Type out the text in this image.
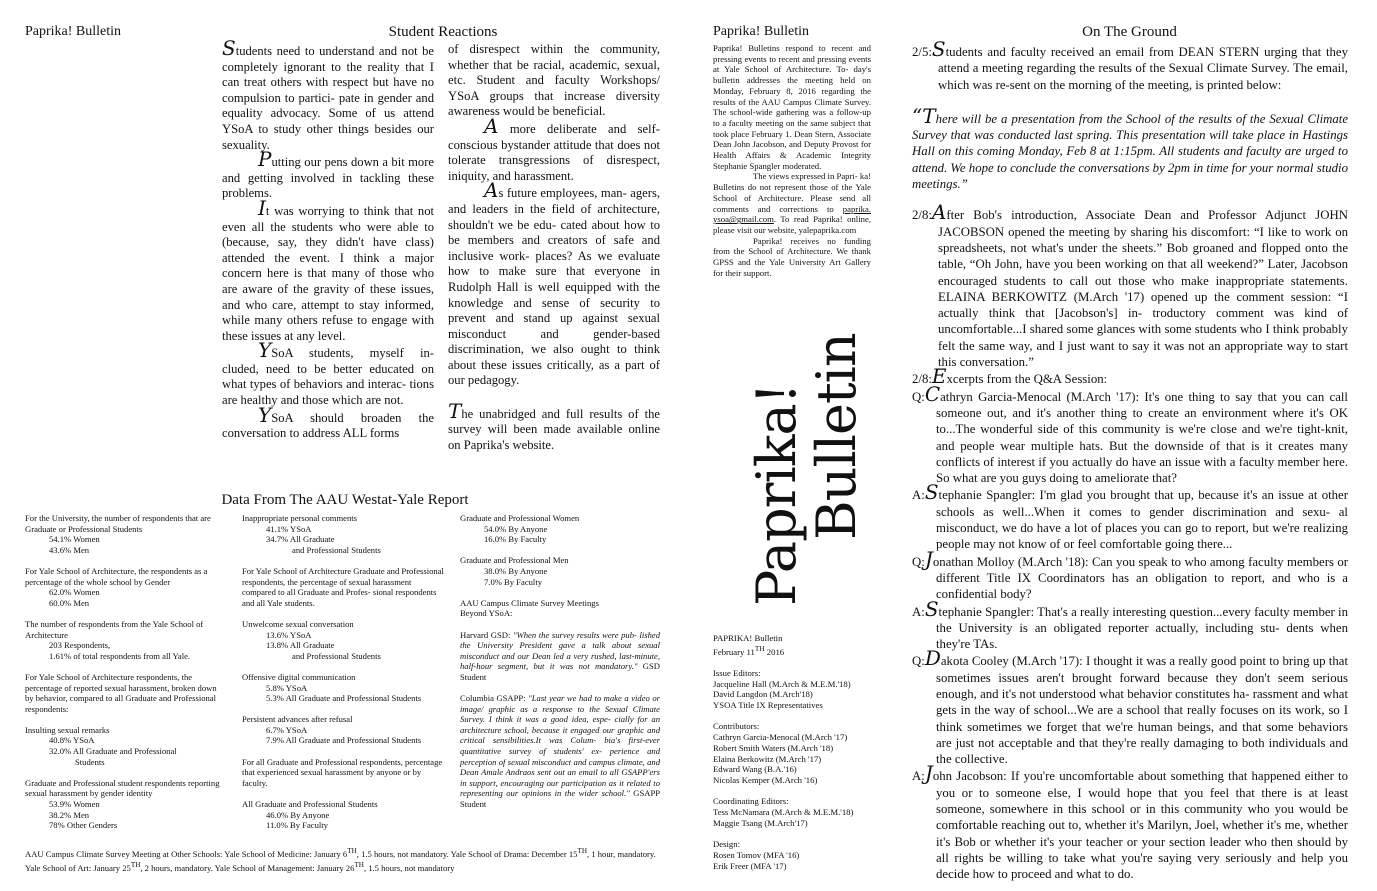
Paprika! Bulletin	Student Reactions

Students need to understand and not be completely ignorant to the reality that I can treat others with respect but have no compulsion to partici- pate in gender and equality advocacy. Some of us attend YSoA to study other things besides our sexuality.

Putting our pens down a bit more and getting involved in tackling these problems.

It was worrying to think that not even all the students who were able to (because, say, they didn't have class) attended the event. I think a major concern here is that many of those who are aware of the gravity of these issues, and who care, attempt to stay informed, while many others refuse to engage with these issues at any level.

YSoA students, myself in- cluded, need to be better educated on what types of behaviors and interac- tions are healthy and those which are not.

YSoA should broaden the conversation to address ALL forms

of disrespect within the community, whether that be racial, academic, sexual, etc. Student and faculty Workshops/ YSoA groups that increase diversity awareness would be beneficial.

A more deliberate and self-conscious bystander attitude that does not tolerate transgressions of disrespect, iniquity, and harassment.

As future employees, man- agers, and leaders in the field of architecture, shouldn't we be edu- cated about how to be members and creators of safe and inclusive work- places? As we evaluate how to make sure that everyone in Rudolph Hall is well equipped with the knowledge and sense of security to prevent and stand up against sexual misconduct and gender-based discrimination, we also ought to think about these issues critically, as a part of our pedagogy.

The unabridged and full results of the survey will been made available online on Paprika's website.

Data From The AAU Westat-Yale Report

For the University, the number of respondents that are Graduate or Professional Students
54.1% Women
43.6% Men

For Yale School of Architecture, the respondents as a percentage of the whole school by Gender
62.0% Women
60.0% Men

The number of respondents from the Yale School of Architecture
203 Respondents,
1.61% of total respondents from all Yale.

For Yale School of Architecture respondents, the percentage of reported sexual harassment, broken down by behavior, compared to all Graduate and Professional respondents:

Insulting sexual remarks
40.8% YSoA
32.0% All Graduate and Professional
Students

Graduate and Professional student respondents reporting sexual harassment by gender identity
53.9% Women
38.2% Men
78% Other Genders

Inappropriate personal comments
41.1% YSoA
34.7% All Graduate
and Professional Students

For Yale School of Architecture Graduate and Professional respondents, the percentage of sexual harassment compared to all Graduate and Profes- sional respondents and all Yale students.

Unwelcome sexual conversation
13.6% YSoA
13.8% All Graduate
and Professional Students

Offensive digital communication
5.8% YSoA
5.3% All Graduate and Professional Students

Persistent advances after refusal
6.7% YSoA
7.9% All Graduate and Professional Students

For all Graduate and Professional respondents, percentage that experienced sexual harassment by anyone or by faculty.

All Graduate and Professional Students
46.0% By Anyone
11.0% By Faculty

Graduate and Professional Women
54.0% By Anyone
16.0% By Faculty

Graduate and Professional Men
38.0% By Anyone
7.0% By Faculty

AAU Campus Climate Survey Meetings
Beyond YSoA:

Harvard GSD: "When the survey results were pub- lished the University President gave a talk about sexual misconduct and our Dean led a very rushed, last-minute, half-hour segment, but it was not mandatory." GSD Student

Columbia GSAPP: "Last year we had to make a video or image/ graphic as a response to the Sexual Climate Survey. I think it was a good idea, espe- cially for an architecture school, because it engaged our graphic and critical sensibilities.It was Colum- bia's first-ever quantitative survey of students' ex- perience and perception of sexual misconduct and campus climate, and Dean Amale Andraos sent out an email to all GSAPP'ers in support, encouraging our participation as it related to representing our opinions in the wider school." GSAPP Student

AAU Campus Climate Survey Meeting at Other Schools: Yale School of Medicine: January 6TH, 1.5 hours, not mandatory. Yale School of Drama: December 15TH, 1 hour, mandatory. Yale School of Art: January 25TH, 2 hours, mandatory. Yale School of Management: January 26TH, 1.5 hours, not mandatory
Paprika! Bulletin

Paprika! Bulletins respond to recent and pressing events to recent and pressing events at Yale School of Architecture. To- day's bulletin addresses the meeting held on Monday, February 8, 2016 regarding the results of the AAU Campus Climate Survey. The school-wide gathering was a follow-up to a faculty meeting on the same subject that took place February 1. Dean Stern, Associate Dean John Jacobson, and Deputy Provost for Health Affairs & Academic Integrity Stephanie Spangler moderated.

The views expressed in Papri- ka! Bulletins do not represent those of the Yale School of Architecture. Please send all comments and corrections to paprika. ysoa@gmail.com. To read Paprika! online, please visit our website, yalepaprika.com

Paprika! receives no funding from the School of Architecture. We thank GPSS and the Yale University Art Gallery for their support.

Paprika!
Bulletin

PAPRIKA! Bulletin
February 11TH 2016

Issue Editors:
Jacqueline Hall (M.Arch & M.E.M.'18)
David Langdon (M.Arch'18)
YSOA Title IX Representatives

Contributors:
Cathryn Garcia-Menocal (M.Arch '17)
Robert Smith Waters (M.Arch '18)
Elaina Berkowitz (M.Arch '17)
Edward Wang (B.A.'16)
Nicolas Kemper (M.Arch '16)

Coordinating Editors:
Tess McNamara (M.Arch & M.E.M.'18)
Maggie Tsang (M.Arch'17)

Design:
Rosen Tomov (MFA '16)
Erik Freer (MFA '17)

On The Ground

2/5:Students and faculty received an email from DEAN STERN urging that they attend a meeting regarding the results of the Sexual Climate Survey. The email, which was re-sent on the morning of the meeting, is printed below:

“There will be a presentation from the School of the results of the Sexual Climate Survey that was conducted last spring. This presentation will take place in Hastings Hall on this coming Monday, Feb 8 at 1:15pm. All students and faculty are urged to attend. We hope to conclude the conversations by 2pm in time for your normal studio meetings.”

2/8:After Bob's introduction, Associate Dean and Professor Adjunct JOHN JACOBSON opened the meeting by sharing his discomfort: “I like to work on spreadsheets, not what's under the sheets.” Bob groaned and flopped onto the table, “Oh John, have you been working on that all weekend?” Later, Jacobson encouraged students to call out those who make inappropriate statements. ELAINA BERKOWITZ (M.Arch '17) opened up the comment session: “I actually think that [Jacobson's] in- troductory comment was kind of uncomfortable...I shared some glances with some students who I think probably felt the same way, and I just want to say it was not an appropriate way to start this conversation.”

2/8:Excerpts from the Q&A Session:

Q:Cathryn Garcia-Menocal (M.Arch '17): It's one thing to say that you can call someone out, and it's another thing to create an environment where it's OK to...The wonderful side of this community is we're close and we're tight-knit, and people wear multiple hats. But the downside of that is it creates many conflicts of interest if you actually do have an issue with a faculty member here. So what are you guys doing to ameliorate that?

A:Stephanie Spangler: I'm glad you brought that up, because it's an issue at other schools as well...When it comes to gender discrimination and sexu- al misconduct, we do have a lot of places you can go to report, but we're realizing people may not know of or feel comfortable going there...

Q:Jonathan Molloy (M.Arch '18): Can you speak to who among faculty members or different Title IX Coordinators has an obligation to report, and who is a confidential body?

A:Stephanie Spangler: That's a really interesting question...every faculty member in the University is an obligated reporter actually, including stu- dents when they're TAs.

Q:Dakota Cooley (M.Arch '17): I thought it was a really good point to bring up that sometimes issues aren't brought forward because they don't seem serious enough, and it's not understood what behavior constitutes ha- rassment and what gets in the way of school...We are a school that really focuses on its work, so I think sometimes we forget that we're human beings, and that some behaviors are just not acceptable and that they're really damaging to both individuals and the collective.

A:John Jacobson: If you're uncomfortable about something that happened either to you or to someone else, I would hope that you feel that there is at least someone, somewhere in this school or in this community who you would be comfortable reaching out to, whether it's Marilyn, Joel, whether it's me, whether it's Bob or whether it's your teacher or your section leader who then should by all rights be willing to take what you're saying very seriously and help you decide how to proceed and what to do.
